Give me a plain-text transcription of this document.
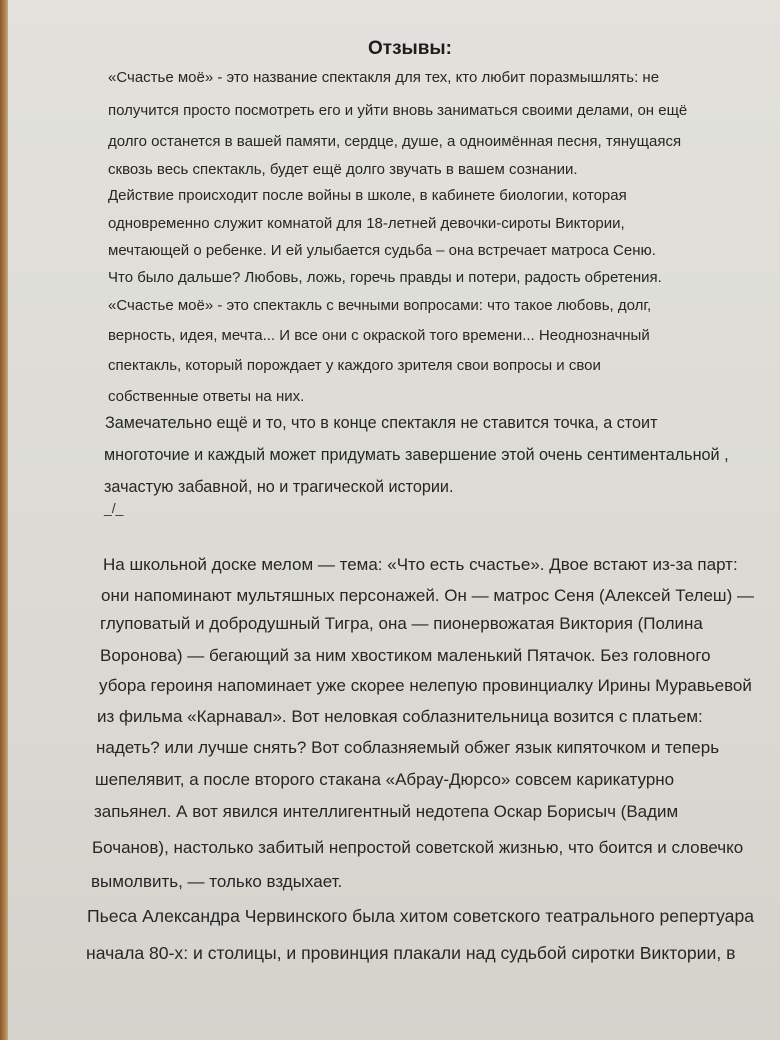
Отзывы:
«Счастье моё» - это название спектакля для тех, кто любит поразмышлять: не
получится просто посмотреть его и уйти вновь заниматься своими делами, он ещё
долго останется в вашей памяти, сердце, душе, а одноимённая песня, тянущаяся
сквозь весь спектакль, будет ещё долго звучать в вашем сознании.
Действие происходит после войны в школе, в кабинете биологии, которая
одновременно служит комнатой для 18-летней девочки-сироты Виктории,
мечтающей о ребенке. И ей улыбается судьба – она встречает матроса Сеню.
Что было дальше? Любовь, ложь, горечь правды и потери, радость обретения.
«Счастье моё» - это спектакль с вечными вопросами: что такое любовь, долг,
верность, идея, мечта... И все они с окраской того времени... Неоднозначный
спектакль, который порождает у каждого зрителя свои вопросы и свои
собственные ответы на них.
Замечательно ещё и то, что в конце спектакля не ставится точка, а стоит
многоточие и каждый может придумать завершение этой очень сентиментальной ,
зачастую забавной, но и трагической истории.
_/_
На школьной доске мелом — тема: «Что есть счастье». Двое встают из-за парт:
они напоминают мультяшных персонажей. Он — матрос Сеня (Алексей Телеш) —
глуповатый и добродушный Тигра, она — пионервожатая Виктория (Полина
Воронова) — бегающий за ним хвостиком маленький Пятачок. Без головного
убора героиня напоминает уже скорее нелепую провинциалку Ирины Муравьевой
из фильма «Карнавал». Вот неловкая соблазнительница возится с платьем:
надеть? или лучше снять? Вот соблазняемый обжег язык кипяточком и теперь
шепелявит, а после второго стакана «Абрау-Дюрсо» совсем карикатурно
запьянел. А вот явился интеллигентный недотепа Оскар Борисыч (Вадим
Бочанов), настолько забитый непростой советской жизнью, что боится и словечко
вымолвить, — только вздыхает.
Пьеса Александра Червинского была хитом советского театрального репертуара
начала 80-х: и столицы, и провинция плакали над судьбой сиротки Виктории, в
